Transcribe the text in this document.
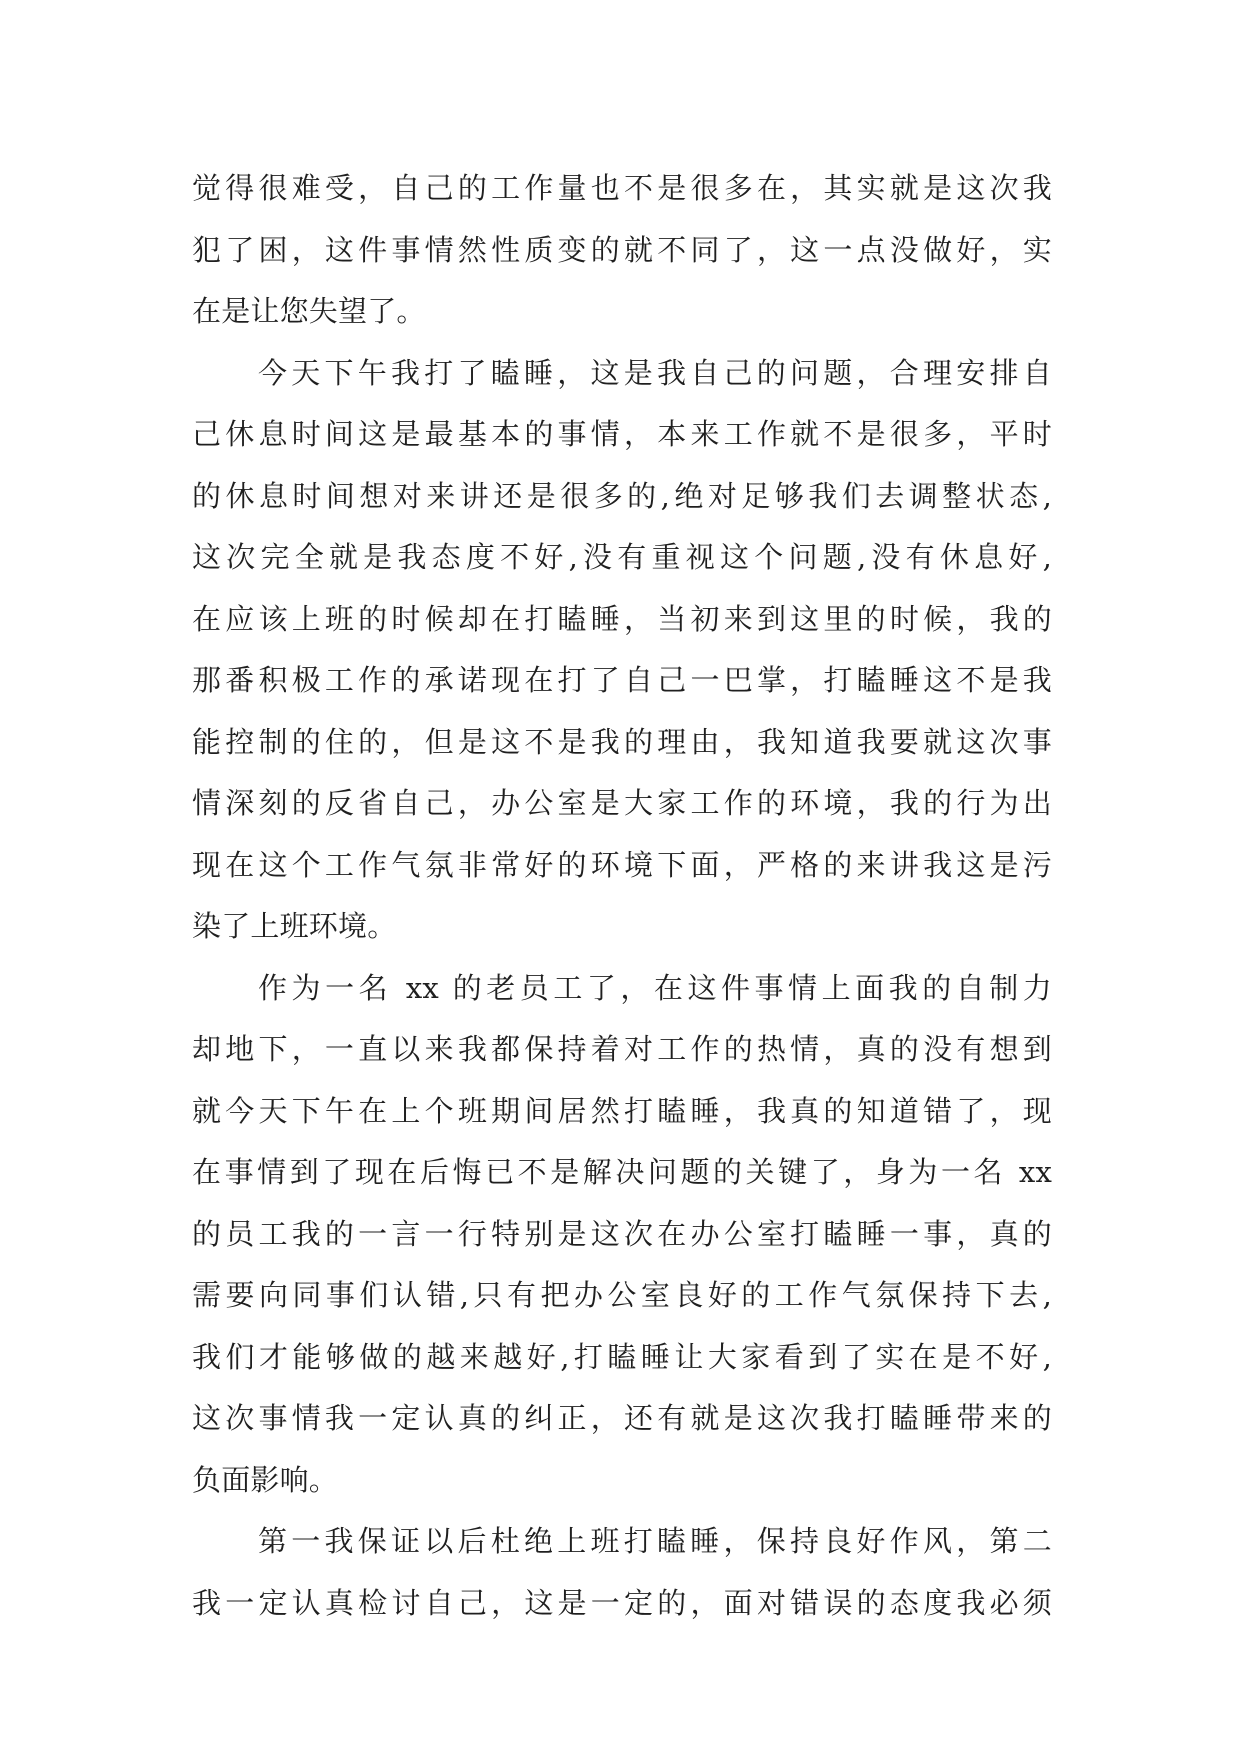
觉得很难受，自己的工作量也不是很多在，其实就是这次我
犯了困，这件事情然性质变的就不同了，这一点没做好，实
在是让您失望了。
今天下午我打了瞌睡，这是我自己的问题，合理安排自
己休息时间这是最基本的事情，本来工作就不是很多，平时
的休息时间想对来讲还是很多的,绝对足够我们去调整状态,
这次完全就是我态度不好,没有重视这个问题,没有休息好,
在应该上班的时候却在打瞌睡，当初来到这里的时候，我的
那番积极工作的承诺现在打了自己一巴掌，打瞌睡这不是我
能控制的住的，但是这不是我的理由，我知道我要就这次事
情深刻的反省自己，办公室是大家工作的环境，我的行为出
现在这个工作气氛非常好的环境下面，严格的来讲我这是污
染了上班环境。
作为一名 xx 的老员工了，在这件事情上面我的自制力
却地下，一直以来我都保持着对工作的热情，真的没有想到
就今天下午在上个班期间居然打瞌睡，我真的知道错了，现
在事情到了现在后悔已不是解决问题的关键了，身为一名 xx
的员工我的一言一行特别是这次在办公室打瞌睡一事，真的
需要向同事们认错,只有把办公室良好的工作气氛保持下去,
我们才能够做的越来越好,打瞌睡让大家看到了实在是不好,
这次事情我一定认真的纠正，还有就是这次我打瞌睡带来的
负面影响。
第一我保证以后杜绝上班打瞌睡，保持良好作风，第二
我一定认真检讨自己，这是一定的，面对错误的态度我必须
